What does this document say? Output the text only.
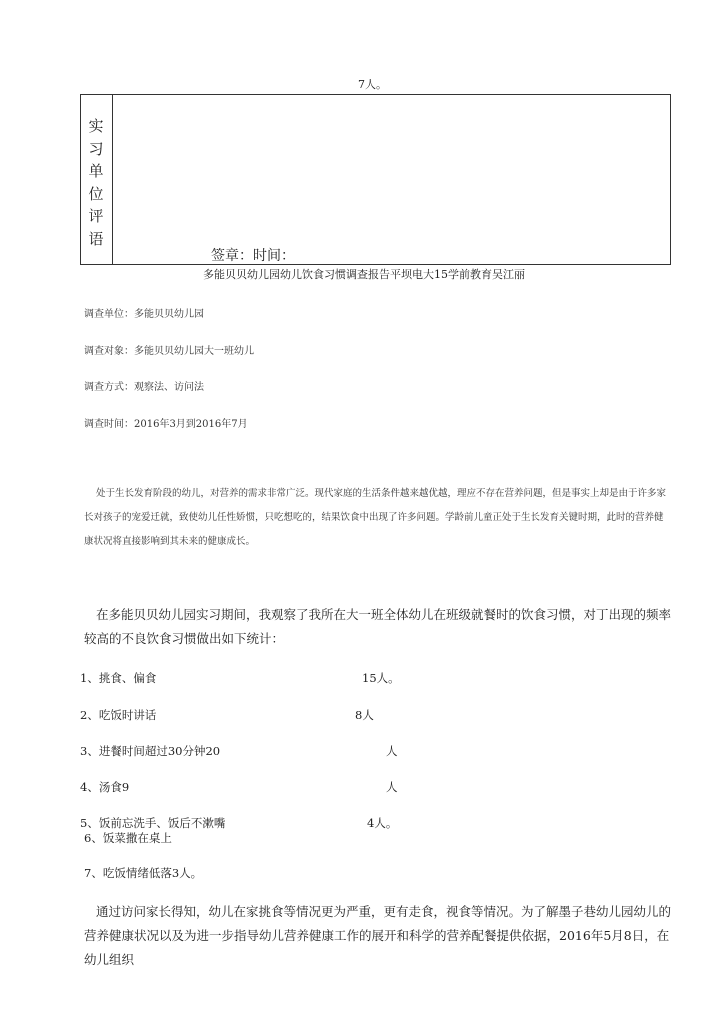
7人。
实习单位评语
签章：时间：
多能贝贝幼儿园幼儿饮食习惯调查报告平坝电大15学前教育吴江丽
调查单位：多能贝贝幼儿园
调查对象：多能贝贝幼儿园大一班幼儿
调查方式：观察法、访问法
调查时间：2016年3月到2016年7月
处于生长发育阶段的幼儿，对营养的需求非常广泛。现代家庭的生活条件越来越优越，理应不存在营养问题，但是事实上却是由于许多家长对孩子的宠爱迁就，致使幼儿任性娇惯，只吃想吃的，结果饮食中出现了许多问题。学龄前儿童正处于生长发育关键时期，此时的营养健康状况将直接影响到其未来的健康成长。
在多能贝贝幼儿园实习期间，我观察了我所在大一班全体幼儿在班级就餐时的饮食习惯，对丁出现的频率较高的不良饮食习惯做出如下统计：
1、挑食、偏食	15人。
2、吃饭时讲话	8人
3、进餐时间超过30分钟20	人
4、汤食9	人
5、饭前忘洗手、饭后不漱嘴	4人。
6、饭菜撒在桌上
7、吃饭情绪低落3人。
通过访问家长得知，幼儿在家挑食等情况更为严重，更有走食，视食等情况。为了解墨子巷幼儿园幼儿的营养健康状况以及为进一步指导幼儿营养健康工作的展开和科学的营养配餐提供依据，2016年5月8日，在幼儿组织
